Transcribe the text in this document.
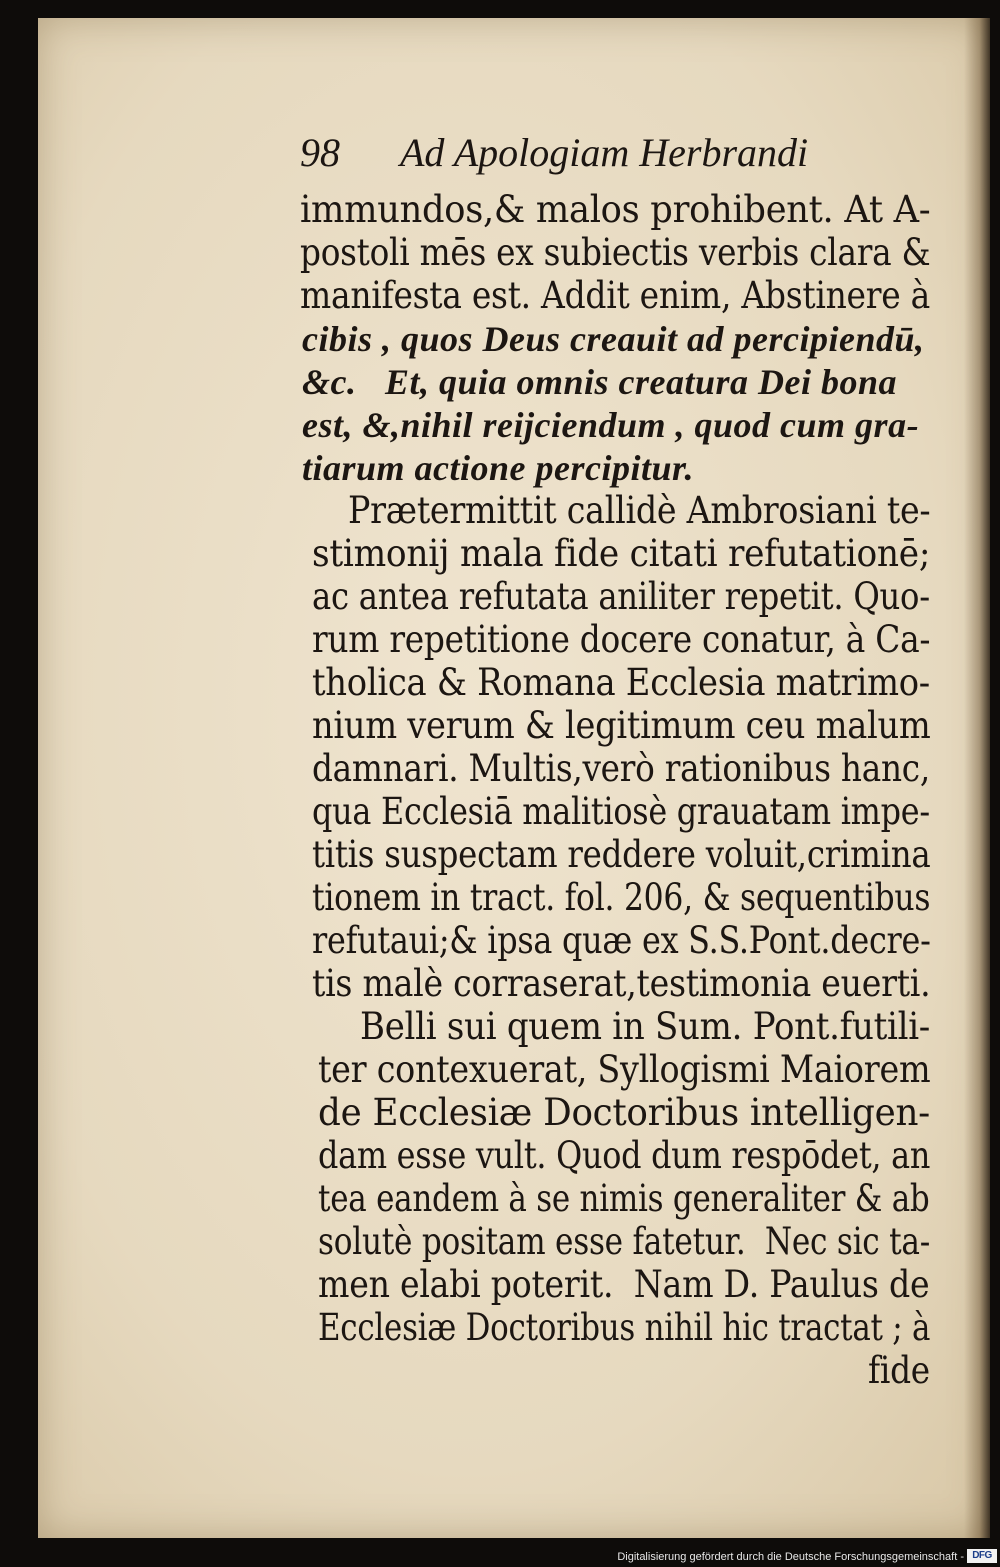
98 Ad Apologiam Herbrandi
immundos,& malos prohibent. At A-
postoli mēs ex subiectis verbis clara &
manifesta est. Addit enim, Abstinere à
cibis , quos Deus creauit ad percipiendū,
&c.   Et, quia omnis creatura Dei bona
est, &,nihil reijciendum , quod cum gra-
tiarum actione percipitur.
Prætermittit callidè Ambrosiani te-
stimonij mala fide citati refutationē;
ac antea refutata aniliter repetit. Quo-
rum repetitione docere conatur, à Ca-
tholica & Romana Ecclesia matrimo-
nium verum & legitimum ceu malum
damnari. Multis,verò rationibus hanc,
qua Ecclesiā malitiosè grauatam impe-
titis suspectam reddere voluit,crimina
tionem in tract. fol. 206, & sequentibus
refutaui;& ipsa quæ ex S.S.Pont.decre-
tis malè corraserat,testimonia euerti.
Belli sui quem in Sum. Pont.futili-
ter contexuerat, Syllogismi Maiorem
de Ecclesiæ Doctoribus intelligen-
dam esse vult. Quod dum respōdet, an
tea eandem à se nimis generaliter & ab
solutè positam esse fatetur.  Nec sic ta-
men elabi poterit.  Nam D. Paulus de
Ecclesiæ Doctoribus nihil hic tractat ; à
fide
Digitalisierung gefördert durch die Deutsche Forschungsgemeinschaft - DFG
